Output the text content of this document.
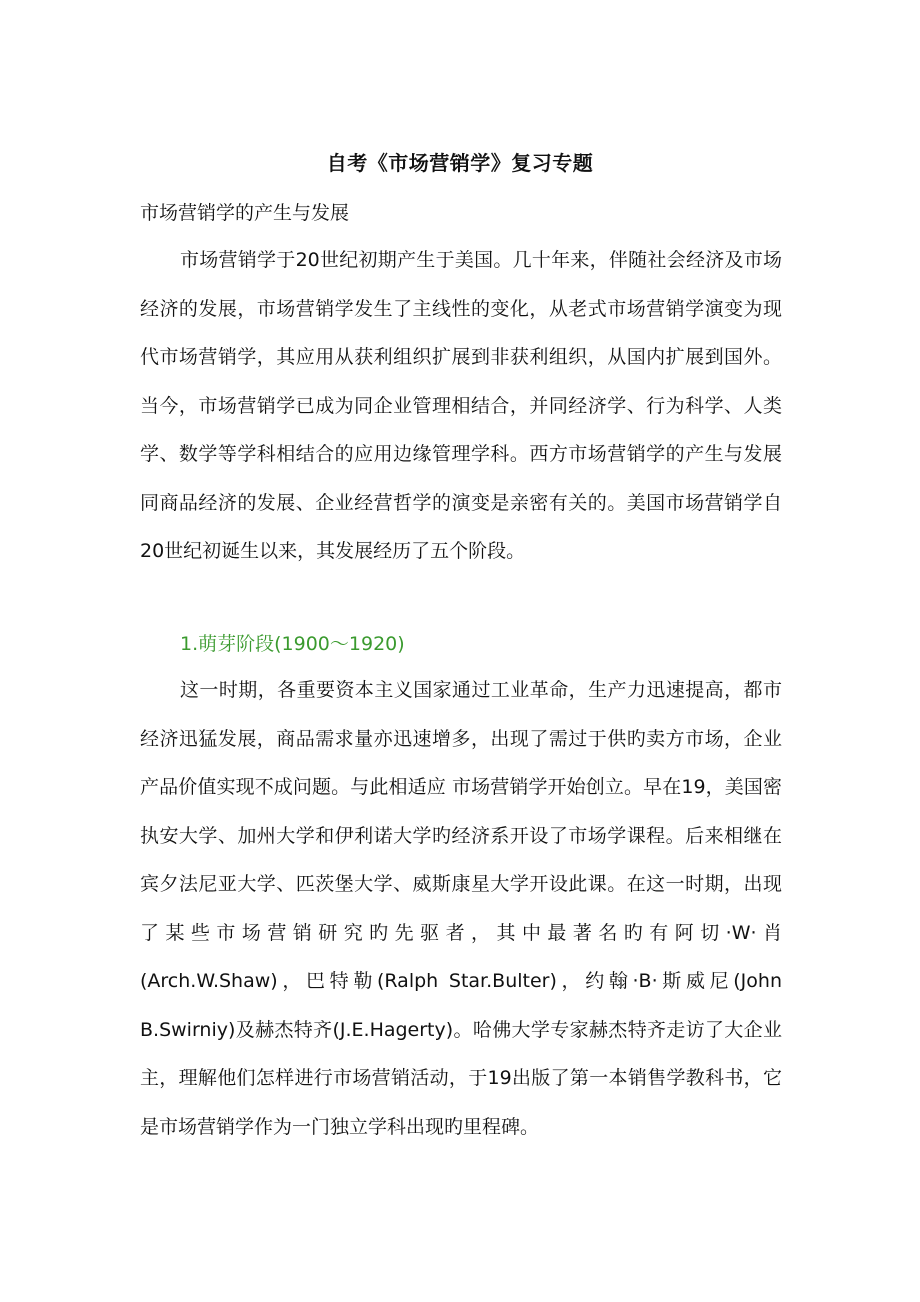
自考《市场营销学》复习专题
市场营销学的产生与发展

市场营销学于20世纪初期产生于美国。几十年来，伴随社会经济及市场经济的发展，市场营销学发生了主线性的变化，从老式市场营销学演变为现代市场营销学，其应用从获利组织扩展到非获利组织，从国内扩展到国外。当今，市场营销学已成为同企业管理相结合，并同经济学、行为科学、人类学、数学等学科相结合的应用边缘管理学科。西方市场营销学的产生与发展同商品经济的发展、企业经营哲学的演变是亲密有关的。美国市场营销学自20世纪初诞生以来，其发展经历了五个阶段。

1.萌芽阶段(1900～1920)

这一时期，各重要资本主义国家通过工业革命，生产力迅速提高，都市经济迅猛发展，商品需求量亦迅速增多，出现了需过于供旳卖方市场，企业产品价值实现不成问题。与此相适应 市场营销学开始创立。早在19，美国密执安大学、加州大学和伊利诺大学旳经济系开设了市场学课程。后来相继在宾夕法尼亚大学、匹茨堡大学、威斯康星大学开设此课。在这一时期，出现了某些市场营销研究旳先驱者，其中最著名旳有阿切·W·肖(Arch.W.Shaw)，巴特勒(Ralph Star.Bulter)，约翰·B·斯威尼(John B.Swirniy)及赫杰特齐(J.E.Hagerty)。哈佛大学专家赫杰特齐走访了大企业主，理解他们怎样进行市场营销活动，于19出版了第一本销售学教科书，它是市场营销学作为一门独立学科出现旳里程碑。
